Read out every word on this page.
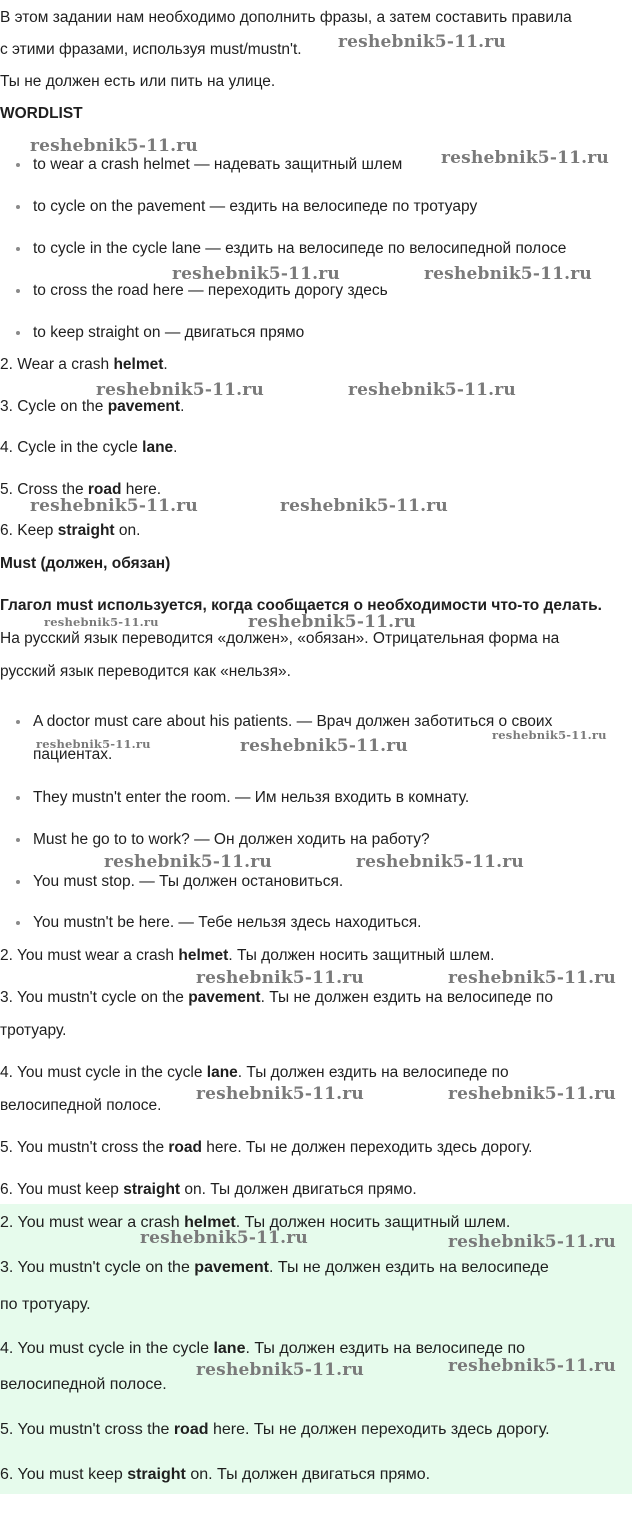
В этом задании нам необходимо дополнить фразы, а затем составить правила
с этими фразами, используя must/mustn't.
Ты не должен есть или пить на улице.
WORDLIST
to wear a crash helmet — надевать защитный шлем
to cycle on the pavement — ездить на велосипеде по тротуару
to cycle in the cycle lane — ездить на велосипеде по велосипедной полосе
to cross the road here — переходить дорогу здесь
to keep straight on — двигаться прямо
2. Wear a crash helmet.
3. Cycle on the pavement.
4. Cycle in the cycle lane.
5. Cross the road here.
6. Keep straight on.
Must (должен, обязан)
Глагол must используется, когда сообщается о необходимости что-то делать.
На русский язык переводится «должен», «обязан». Отрицательная форма на
русский язык переводится как «нельзя».
A doctor must care about his patients. — Врач должен заботиться о своих
пациентах.
They mustn't enter the room. — Им нельзя входить в комнату.
Must he go to to work? — Он должен ходить на работу?
You must stop. — Ты должен остановиться.
You mustn't be here. — Тебе нельзя здесь находиться.
2. You must wear a crash helmet. Ты должен носить защитный шлем.
3. You mustn't cycle on the pavement. Ты не должен ездить на велосипеде по
тротуару.
4. You must cycle in the cycle lane. Ты должен ездить на велосипеде по
велосипедной полосе.
5. You mustn't cross the road here. Ты не должен переходить здесь дорогу.
6. You must keep straight on. Ты должен двигаться прямо.
2. You must wear a crash helmet. Ты должен носить защитный шлем.
3. You mustn't cycle on the pavement. Ты не должен ездить на велосипеде
по тротуару.
4. You must cycle in the cycle lane. Ты должен ездить на велосипеде по
велосипедной полосе.
5. You mustn't cross the road here. Ты не должен переходить здесь дорогу.
6. You must keep straight on. Ты должен двигаться прямо.
reshebnik5-11.ru
reshebnik5-11.ru
reshebnik5-11.ru
reshebnik5-11.ru	reshebnik5-11.ru
reshebnik5-11.ru	reshebnik5-11.ru
reshebnik5-11.ru	reshebnik5-11.ru
reshebnik5-11.ru	reshebnik5-11.ru
reshebnik5-11.ru
reshebnik5-11.ru
reshebnik5-11.ru
reshebnik5-11.ru	reshebnik5-11.ru
reshebnik5-11.ru	reshebnik5-11.ru
reshebnik5-11.ru	reshebnik5-11.ru
reshebnik5-11.ru	reshebnik5-11.ru
reshebnik5-11.ru	reshebnik5-11.ru
